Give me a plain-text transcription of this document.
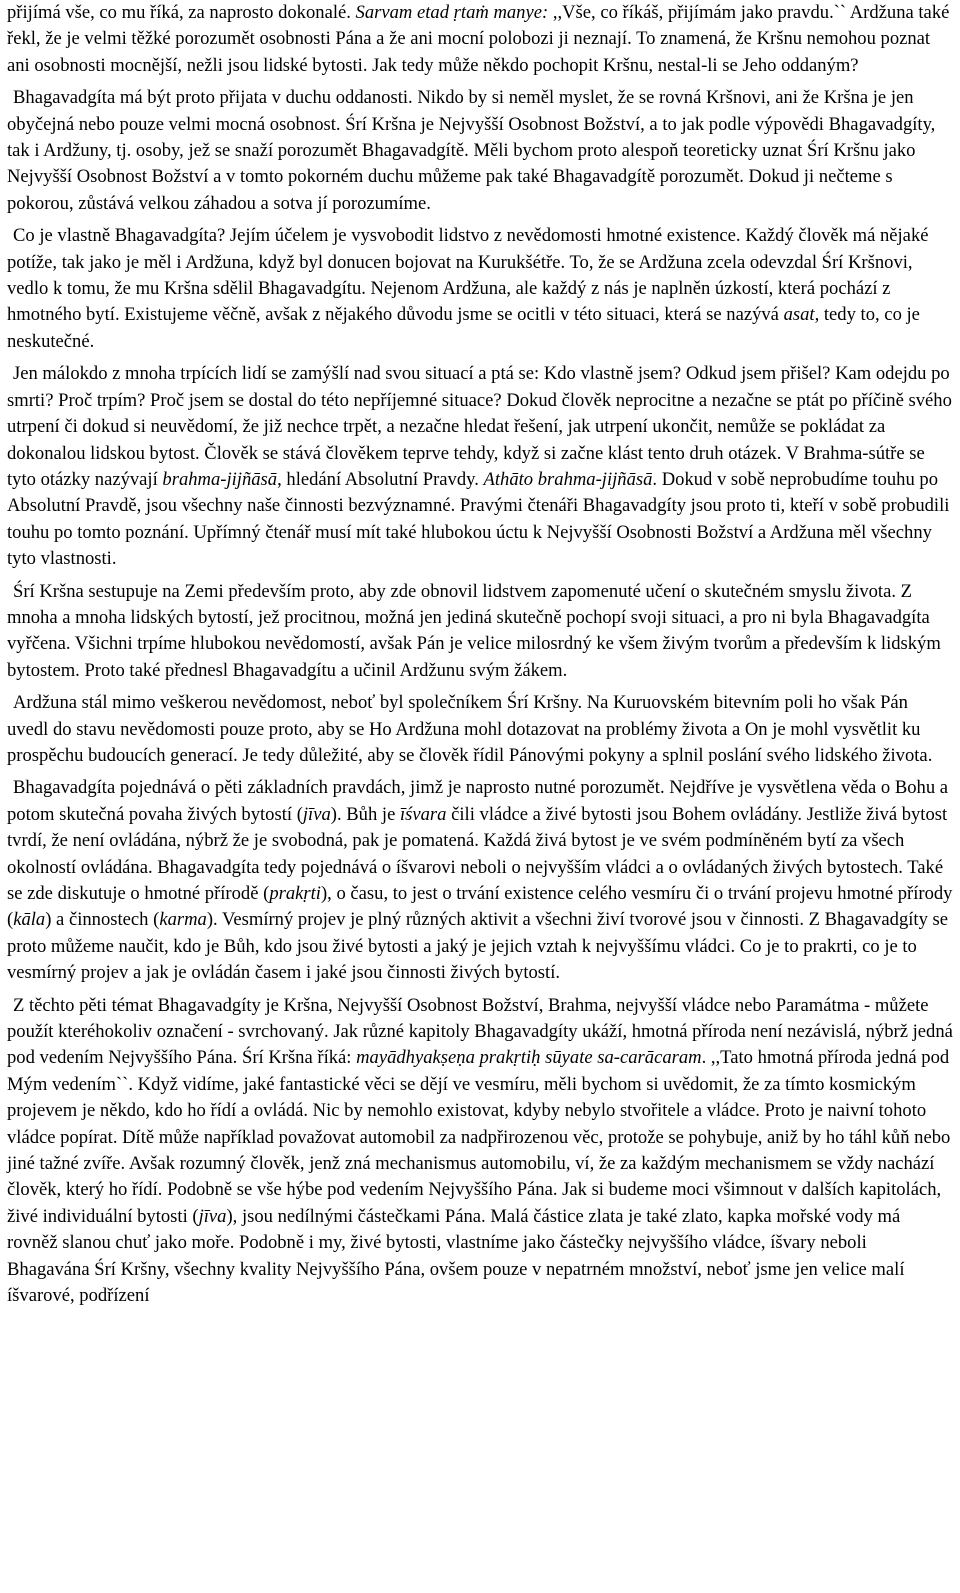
přijímá vše, co mu říká, za naprosto dokonalé. Sarvam etad ṛtaṁ manye: ,,Vše, co říkáš, přijímám jako pravdu.`` Ardžuna také řekl, že je velmi těžké porozumět osobnosti Pána a že ani mocní polobozi ji neznají. To znamená, že Kršnu nemohou poznat ani osobnosti mocnější, nežli jsou lidské bytosti. Jak tedy může někdo pochopit Kršnu, nestal-li se Jeho oddaným?

Bhagavadgíta má být proto přijata v duchu oddanosti. Nikdo by si neměl myslet, že se rovná Kršnovi, ani že Kršna je jen obyčejná nebo pouze velmi mocná osobnost. Śrí Kršna je Nejvyšší Osobnost Božství, a to jak podle výpovědi Bhagavadgíty, tak i Ardžuny, tj. osoby, jež se snaží porozumět Bhagavadgítě. Měli bychom proto alespoň teoreticky uznat Śrí Kršnu jako Nejvyšší Osobnost Božství a v tomto pokorném duchu můžeme pak také Bhagavadgítě porozumět. Dokud ji nečteme s pokorou, zůstává velkou záhadou a sotva jí porozumíme.

Co je vlastně Bhagavadgíta? Jejím účelem je vysvobodit lidstvo z nevědomosti hmotné existence. Každý člověk má nějaké potíže, tak jako je měl i Ardžuna, když byl donucen bojovat na Kurukšétře. To, že se Ardžuna zcela odevzdal Śrí Kršnovi, vedlo k tomu, že mu Kršna sdělil Bhagavadgítu. Nejenom Ardžuna, ale každý z nás je naplněn úzkostí, která pochází z hmotného bytí. Existujeme věčně, avšak z nějakého důvodu jsme se ocitli v této situaci, která se nazývá asat, tedy to, co je neskutečné.

Jen málokdo z mnoha trpících lidí se zamýšlí nad svou situací a ptá se: Kdo vlastně jsem? Odkud jsem přišel? Kam odejdu po smrti? Proč trpím? Proč jsem se dostal do této nepříjemné situace? Dokud člověk neprocitne a nezačne se ptát po příčině svého utrpení či dokud si neuvědomí, že již nechce trpět, a nezačne hledat řešení, jak utrpení ukončit, nemůže se pokládat za dokonalou lidskou bytost. Člověk se stává člověkem teprve tehdy, když si začne klást tento druh otázek. V Brahma-sútře se tyto otázky nazývají brahma-jijñāsā, hledání Absolutní Pravdy. Athāto brahma-jijñāsā. Dokud v sobě neprobudíme touhu po Absolutní Pravdě, jsou všechny naše činnosti bezvýznamné. Pravými čtenáři Bhagavadgíty jsou proto ti, kteří v sobě probudili touhu po tomto poznání. Upřímný čtenář musí mít také hlubokou úctu k Nejvyšší Osobnosti Božství a Ardžuna měl všechny tyto vlastnosti.

Śrí Kršna sestupuje na Zemi především proto, aby zde obnovil lidstvem zapomenuté učení o skutečném smyslu života. Z mnoha a mnoha lidských bytostí, jež procitnou, možná jen jediná skutečně pochopí svoji situaci, a pro ni byla Bhagavadgíta vyřčena. Všichni trpíme hlubokou nevědomostí, avšak Pán je velice milosrdný ke všem živým tvorům a především k lidským bytostem. Proto také přednesl Bhagavadgítu a učinil Ardžunu svým žákem.

Ardžuna stál mimo veškerou nevědomost, neboť byl společníkem Śrí Kršny. Na Kuruovském bitevním poli ho však Pán uvedl do stavu nevědomosti pouze proto, aby se Ho Ardžuna mohl dotazovat na problémy života a On je mohl vysvětlit ku prospěchu budoucích generací. Je tedy důležité, aby se člověk řídil Pánovými pokyny a splnil poslání svého lidského života.

Bhagavadgíta pojednává o pěti základních pravdách, jimž je naprosto nutné porozumět. Nejdříve je vysvětlena věda o Bohu a potom skutečná povaha živých bytostí (jīva). Bůh je īśvara čili vládce a živé bytosti jsou Bohem ovládány. Jestliže živá bytost tvrdí, že není ovládána, nýbrž že je svobodná, pak je pomatená. Každá živá bytost je ve svém podmíněném bytí za všech okolností ovládána. Bhagavadgíta tedy pojednává o íšvarovi neboli o nejvyšším vládci a o ovládaných živých bytostech. Také se zde diskutuje o hmotné přírodě (prakṛti), o času, to jest o trvání existence celého vesmíru či o trvání projevu hmotné přírody (kāla) a činnostech (karma). Vesmírný projev je plný různých aktivit a všechni živí tvorové jsou v činnosti. Z Bhagavadgíty se proto můžeme naučit, kdo je Bůh, kdo jsou živé bytosti a jaký je jejich vztah k nejvyššímu vládci. Co je to prakrti, co je to vesmírný projev a jak je ovládán časem i jaké jsou činnosti živých bytostí.

Z těchto pěti témat Bhagavadgíty je Kršna, Nejvyšší Osobnost Božství, Brahma, nejvyšší vládce nebo Paramátma - můžete použít kteréhokoliv označení - svrchovaný. Jak různé kapitoly Bhagavadgíty ukáží, hmotná příroda není nezávislá, nýbrž jedná pod vedením Nejvyššího Pána. Śrí Kršna říká: mayādhyakṣeṇa prakṛtiḥ sūyate sa-carācaram. ,,Tato hmotná příroda jedná pod Mým vedením``. Když vidíme, jaké fantastické věci se dějí ve vesmíru, měli bychom si uvědomit, že za tímto kosmickým projevem je někdo, kdo ho řídí a ovládá. Nic by nemohlo existovat, kdyby nebylo stvořitele a vládce. Proto je naivní tohoto vládce popírat. Dítě může například považovat automobil za nadpřirozenou věc, protože se pohybuje, aniž by ho táhl kůň nebo jiné tažné zvíře. Avšak rozumný člověk, jenž zná mechanismus automobilu, ví, že za každým mechanismem se vždy nachází člověk, který ho řídí. Podobně se vše hýbe pod vedením Nejvyššího Pána. Jak si budeme moci všimnout v dalších kapitolách, živé individuální bytosti (jīva), jsou nedílnými částečkami Pána. Malá částice zlata je také zlato, kapka mořské vody má rovněž slanou chuť jako moře. Podobně i my, živé bytosti, vlastníme jako částečky nejvyššího vládce, íšvary neboli Bhagavána Śrí Kršny, všechny kvality Nejvyššího Pána, ovšem pouze v nepatrném množství, neboť jsme jen velice malí íšvarové, podřízení
